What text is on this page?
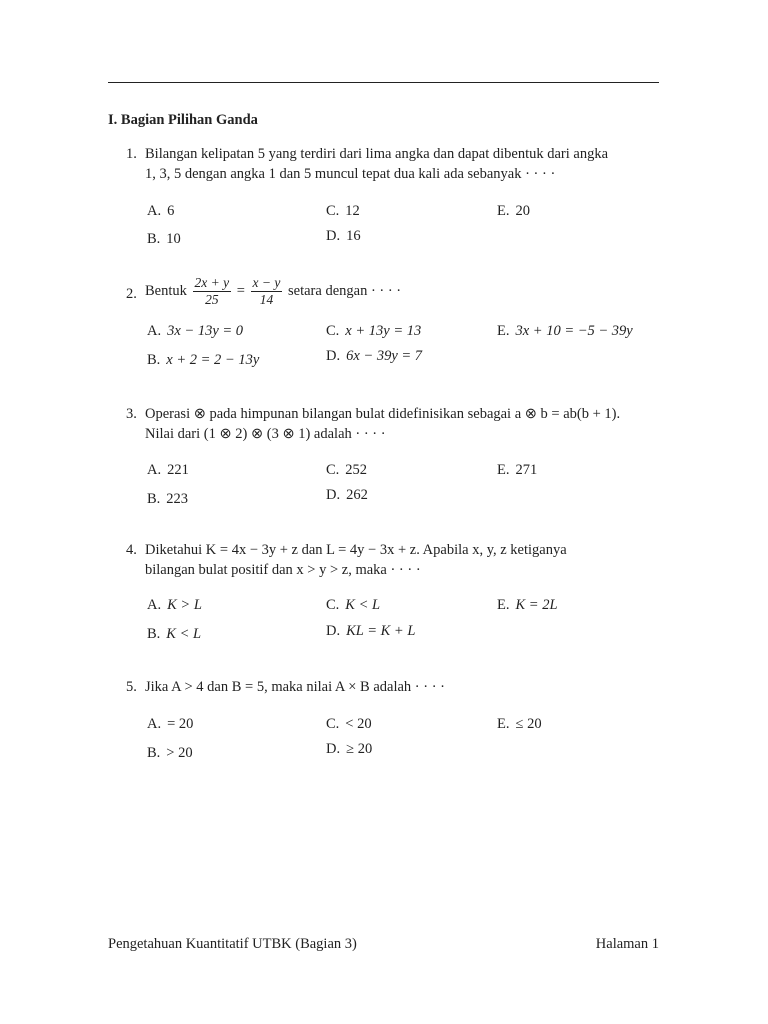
I. Bagian Pilihan Ganda
1. Bilangan kelipatan 5 yang terdiri dari lima angka dan dapat dibentuk dari angka
1, 3, 5 dengan angka 1 dan 5 muncul tepat dua kali ada sebanyak · · · ·
A. 6
B. 10
C. 12
D. 16
E. 20
2. Bentuk $\frac{2x + y}{25} = \frac{x - y}{14}$ setara dengan · · · ·
A. 3x − 13y = 0
B. x + 2 = 2 − 13y
C. x + 13y = 13
D. 6x − 39y = 7
E. 3x + 10 = −5 − 39y
3. Operasi ⊗ pada himpunan bilangan bulat didefinisikan sebagai a ⊗ b = ab(b + 1).
Nilai dari (1 ⊗ 2) ⊗ (3 ⊗ 1) adalah · · · ·
A. 221
B. 223
C. 252
D. 262
E. 271
4. Diketahui K = 4x − 3y + z dan L = 4y − 3x + z. Apabila x, y, z ketiganya
bilangan bulat positif dan x > y > z, maka · · · ·
A. K > L
B. K < L
C. K < L
D. KL = K + L
E. K = 2L
5. Jika A > 4 dan B = 5, maka nilai A × B adalah · · · ·
A. = 20
B. > 20
C. < 20
D. ≥ 20
E. ≤ 20
Pengetahuan Kuantitatif UTBK (Bagian 3)	Halaman 1
